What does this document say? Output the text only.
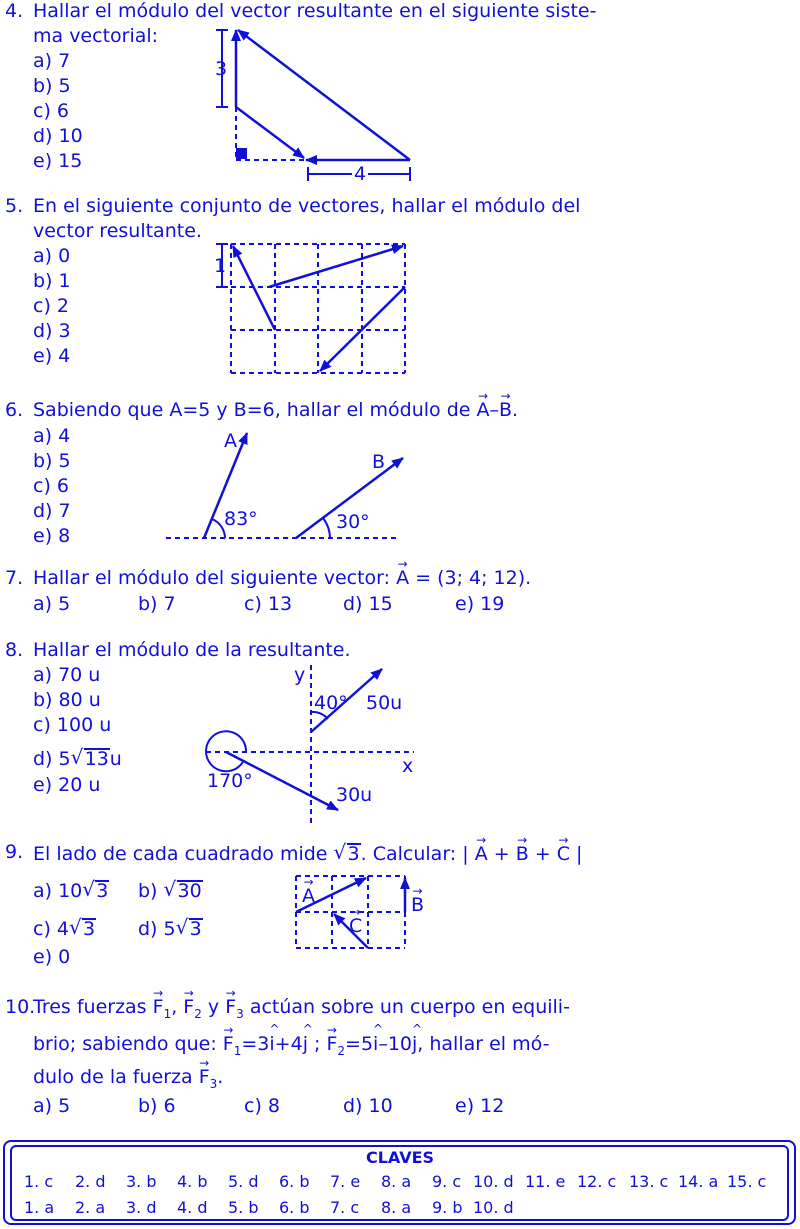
4. Hallar el módulo del vector resultante en el siguiente siste-
ma vectorial:
a) 7
b) 5
c) 6
d) 10
e) 15
3
4
5. En el siguiente conjunto de vectores, hallar el módulo del
vector resultante.
a) 0
b) 1
c) 2
d) 3
e) 4
1
6. Sabiendo que A=5 y B=6, hallar el módulo de → A–→ B.
a) 4
b) 5
c) 6
d) 7
e) 8
A
B
83°	30°
7. Hallar el módulo del siguiente vector: → A = (3; 4; 12).
a) 5	b) 7	c) 13	d) 15	e) 19
8. Hallar el módulo de la resultante.
a) 70 u
b) 80 u
c) 100 u
d) 5 √ 13u
e) 20 u
y
x
40° 50u
170°
30u
9. El lado de cada cuadrado mide √ 3. Calcular: | → A + → B + → C |
a) 10 √ 3 b) √ 30
c) 4 √ 3 d) 5 √ 3
e) 0
→ A	→ B
→ C
10.
Tres fuerzas → $F_1$, → $F_2$ $y \to F_3$ actúan sobre un cuerpo en equili-
brio; sabiendo que: → $F_1=3\^{}$ i+4^ j ; → $F_2=5\^{}$ i–10^ j, hallar el mó-
dulo de la fuerza → $F_3$.
a) 5	b) 6	c) 8	d) 10	e) 12
CLAVES
1. c 2. d 3. b 4. b 5. d 6. b 7. e 8. a 9. c 10. d 11. e 12. c 13. c 14. a 15. c
1. a 2. a 3. d 4. d 5. b 6. b 7. c 8. a 9. b 10. d
